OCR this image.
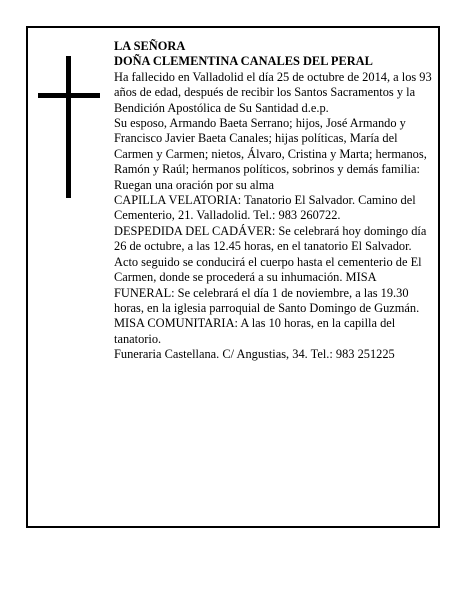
LA SEÑORA

DOÑA CLEMENTINA CANALES DEL PERAL

Ha fallecido en Valladolid el día 25 de octubre de 2014, a los 93 años de edad, después de recibir los Santos Sacramentos y la Bendición Apostólica de Su Santidad d.e.p.

Su esposo, Armando Baeta Serrano; hijos, José Armando y Francisco Javier Baeta Canales; hijas políticas, María del Carmen y Carmen; nietos, Álvaro, Cristina y Marta; hermanos, Ramón y Raúl; hermanos políticos, sobrinos y demás familia:

Ruegan una oración por su alma

CAPILLA VELATORIA: Tanatorio El Salvador. Camino del Cementerio, 21. Valladolid. Tel.: 983 260722.

DESPEDIDA DEL CADÁVER: Se celebrará hoy domingo día 26 de octubre, a las 12.45 horas, en el tanatorio El Salvador. Acto seguido se conducirá el cuerpo hasta el cementerio de El Carmen, donde se procederá a su inhumación. MISA FUNERAL: Se celebrará el día 1 de noviembre, a las 19.30 horas, en la iglesia parroquial de Santo Domingo de Guzmán.

MISA COMUNITARIA: A las 10 horas, en la capilla del tanatorio.

Funeraria Castellana. C/ Angustias, 34. Tel.: 983 251225
